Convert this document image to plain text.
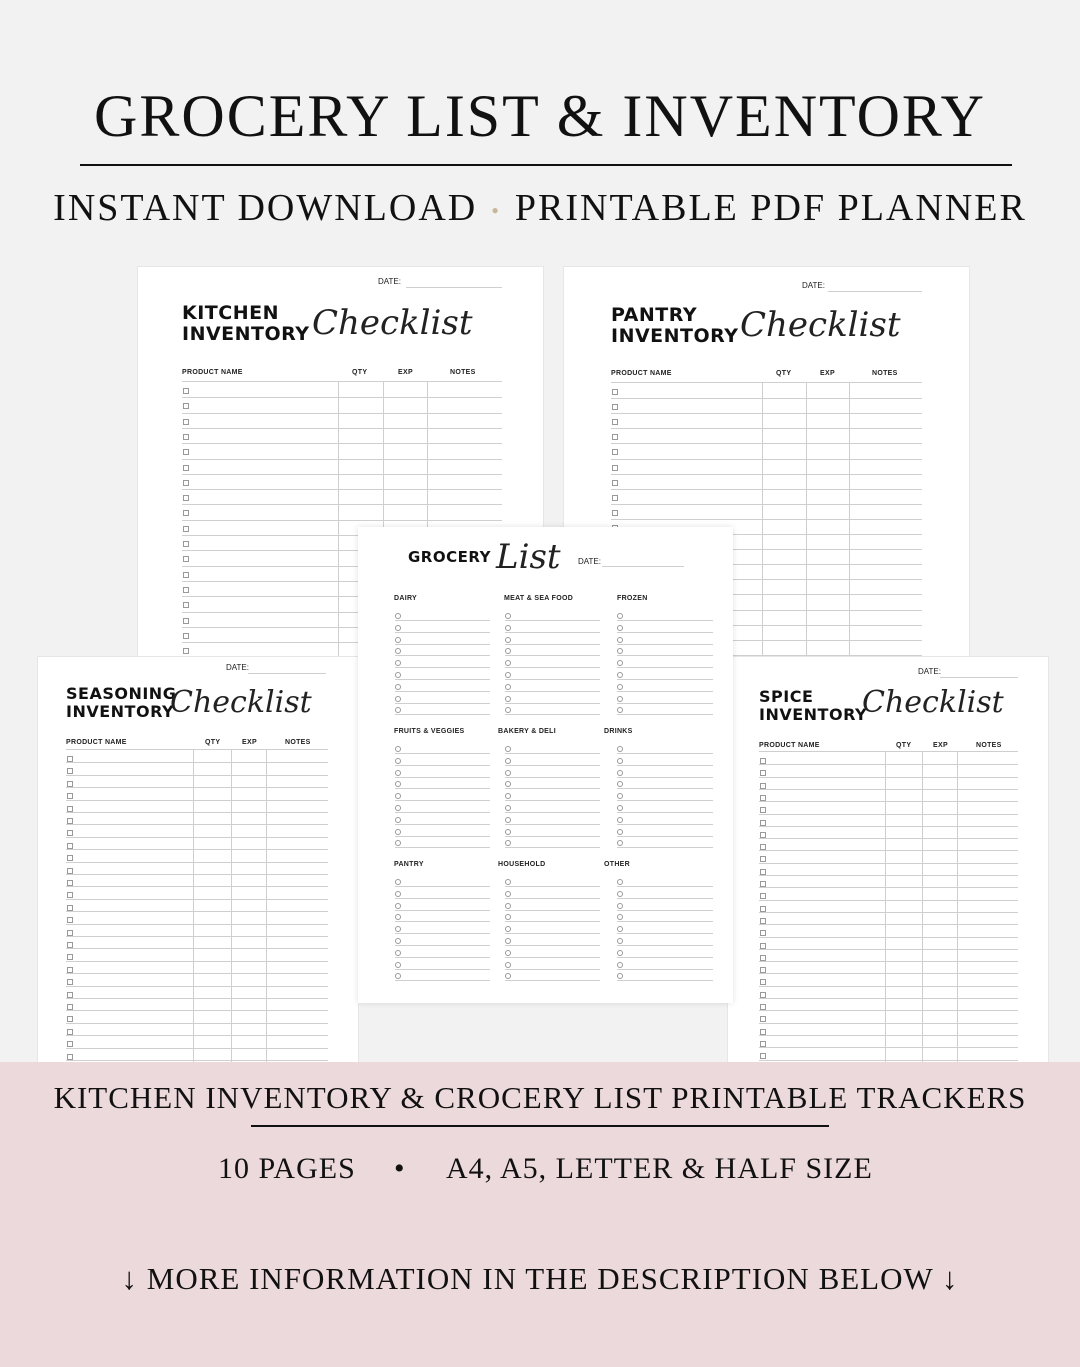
GROCERY LIST & INVENTORY
INSTANT DOWNLOAD • PRINTABLE PDF PLANNER
DATE:
KITCHEN
INVENTORY Checklist
PRODUCT NAME	QTY	EXP	NOTES
DATE:
PANTRY
INVENTORY Checklist
PRODUCT NAME	QTY	EXP	NOTES
DATE:
SEASONING
INVENTORY
Checklist
PRODUCT NAME	QTY	EXP	NOTES
DATE:
SPICE
INVENTORY
Checklist
PRODUCT NAME	QTY	EXP	NOTES
GROCERY List DATE:
DAIRY	MEAT & SEA FOOD	FROZEN
FRUITS & VEGGIES	BAKERY & DELI	DRINKS
PANTRY	HOUSEHOLD	OTHER
KITCHEN INVENTORY & CROCERY LIST PRINTABLE TRACKERS
10 PAGES • A4, A5, LETTER & HALF SIZE
↓ MORE INFORMATION IN THE DESCRIPTION BELOW ↓
